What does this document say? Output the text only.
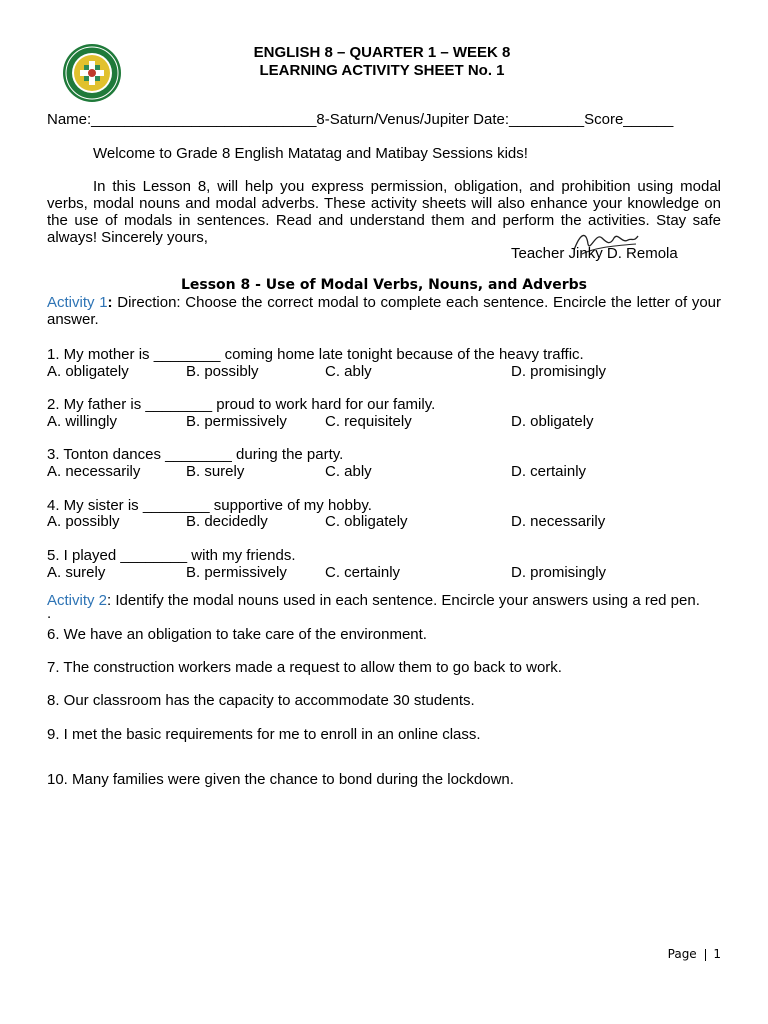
ENGLISH 8 – QUARTER 1 – WEEK 8
LEARNING ACTIVITY SHEET No. 1
Name:___________________________8-Saturn/Venus/Jupiter Date:_________Score______
Welcome to Grade 8 English Matatag and Matibay Sessions kids!
In this Lesson 8, will help you express permission, obligation, and prohibition using modal verbs, modal nouns and modal adverbs. These activity sheets will also enhance your knowledge on the use of modals in sentences. Read and understand them and perform the activities. Stay safe always! Sincerely yours,
Teacher Jinky D. Remola
Lesson 8 - Use of Modal Verbs, Nouns, and Adverbs
Activity 1: Direction: Choose the correct modal to complete each sentence. Encircle the letter of your answer.
1. My mother is ________ coming home late tonight because of the heavy traffic.
A. obligately	B. possibly	C. ably	D. promisingly
2. My father is ________ proud to work hard for our family.
A. willingly	B. permissively	C. requisitely	D. obligately
3. Tonton dances ________ during the party.
A. necessarily	B. surely	C. ably	D. certainly
4. My sister is ________ supportive of my hobby.
A. possibly	B. decidedly	C. obligately	D. necessarily
5. I played ________ with my friends.
A. surely	B. permissively	C. certainly	D. promisingly
Activity 2: Identify the modal nouns used in each sentence. Encircle your answers using a red pen.
.
6. We have an obligation to take care of the environment.
7. The construction workers made a request to allow them to go back to work.
8. Our classroom has the capacity to accommodate 30 students.
9. I met the basic requirements for me to enroll in an online class.
10. Many families were given the chance to bond during the lockdown.
Page 1
